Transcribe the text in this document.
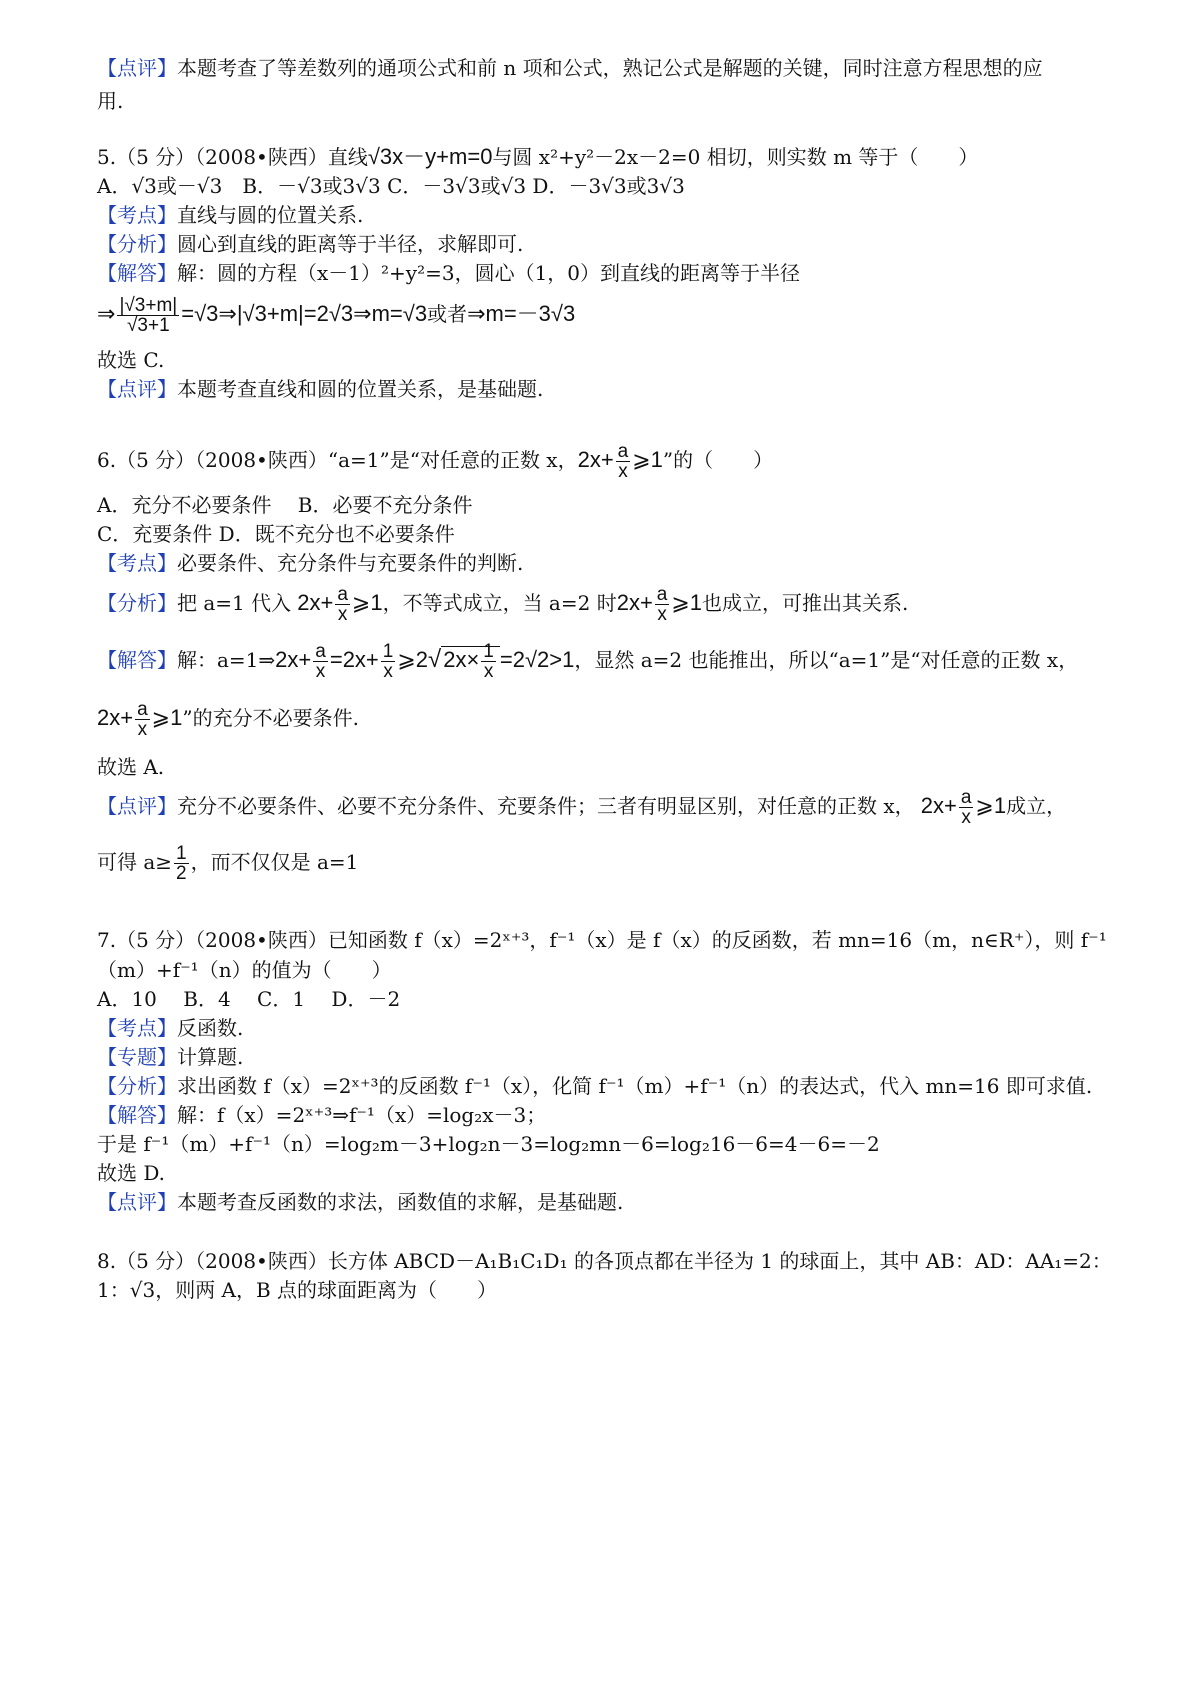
【点评】本题考查了等差数列的通项公式和前 n 项和公式，熟记公式是解题的关键，同时注意方程思想的应
用.
5.（5 分）（2008•陕西）直线√3x－y+m=0与圆 x²+y²－2x－2=0 相切，则实数 m 等于（　　）
A．√3或－√3　B．－√3或3√3 C．－3√3或√3 D．－3√3或3√3
【考点】直线与圆的位置关系.
【分析】圆心到直线的距离等于半径，求解即可.
【解答】解：圆的方程（x－1）²+y²=3，圆心（1，0）到直线的距离等于半径
⇒ $\frac{|√3+m|}{√3+1}$ =√3⇒|√3+m|=2√3⇒m=√3或者⇒m=－3√3
故选 C.
【点评】本题考查直线和圆的位置关系，是基础题.
6.（5 分）（2008•陕西）“a=1”是“对任意的正数 x，$2x+ \frac{a}{x}$ ⩾1”的（　　）
A．充分不必要条件　 B．必要不充分条件
C．充要条件 D．既不充分也不必要条件
【考点】必要条件、充分条件与充要条件的判断.
【分析】把 a=1 代入 $2x+ \frac{a}{x}$ ⩾1，不等式成立，当 a=2 时$2x+ \frac{a}{x}$ ⩾1也成立，可推出其关系.
【解答】解：a=1⇒2x+ $\frac{a}{x} =2x+ \frac{1}{x}$ ⩾2√2x× $\frac{1}{x} =2√2>1$，显然 a=2 也能推出，所以“a=1”是“对任意的正数 x，
$2x+ \frac{a}{x}$ ⩾1”的充分不必要条件.
故选 A.
【点评】充分不必要条件、必要不充分条件、充要条件；三者有明显区别，对任意的正数 x， $2x+ \frac{a}{x}$ ⩾1成立，
可得 $a\ge \frac{1}{2}$ ，而不仅仅是 a=1
7.（5 分）（2008•陕西）已知函数 f（x）=2ˣ⁺³，f⁻¹（x）是 f（x）的反函数，若 mn=16（m，n∈R⁺），则 f⁻¹
（m）+f⁻¹（n）的值为（　　）
A．10　 B．4　 C．1　 D．－2
【考点】反函数.
【专题】计算题.
【分析】求出函数 f（x）=2ˣ⁺³的反函数 f⁻¹（x），化简 f⁻¹（m）+f⁻¹（n）的表达式，代入 mn=16 即可求值.
【解答】解：f（x）=2ˣ⁺³⇒f⁻¹（x）=log₂x－3；
于是 f⁻¹（m）+f⁻¹（n）=log₂m－3+log₂n－3=log₂mn－6=log₂16－6=4－6=－2
故选 D.
【点评】本题考查反函数的求法，函数值的求解，是基础题.
8.（5 分）（2008•陕西）长方体 ABCD－A₁B₁C₁D₁ 的各顶点都在半径为 1 的球面上，其中 AB：AD：AA₁=2：
1：√3，则两 A，B 点的球面距离为（　　）
